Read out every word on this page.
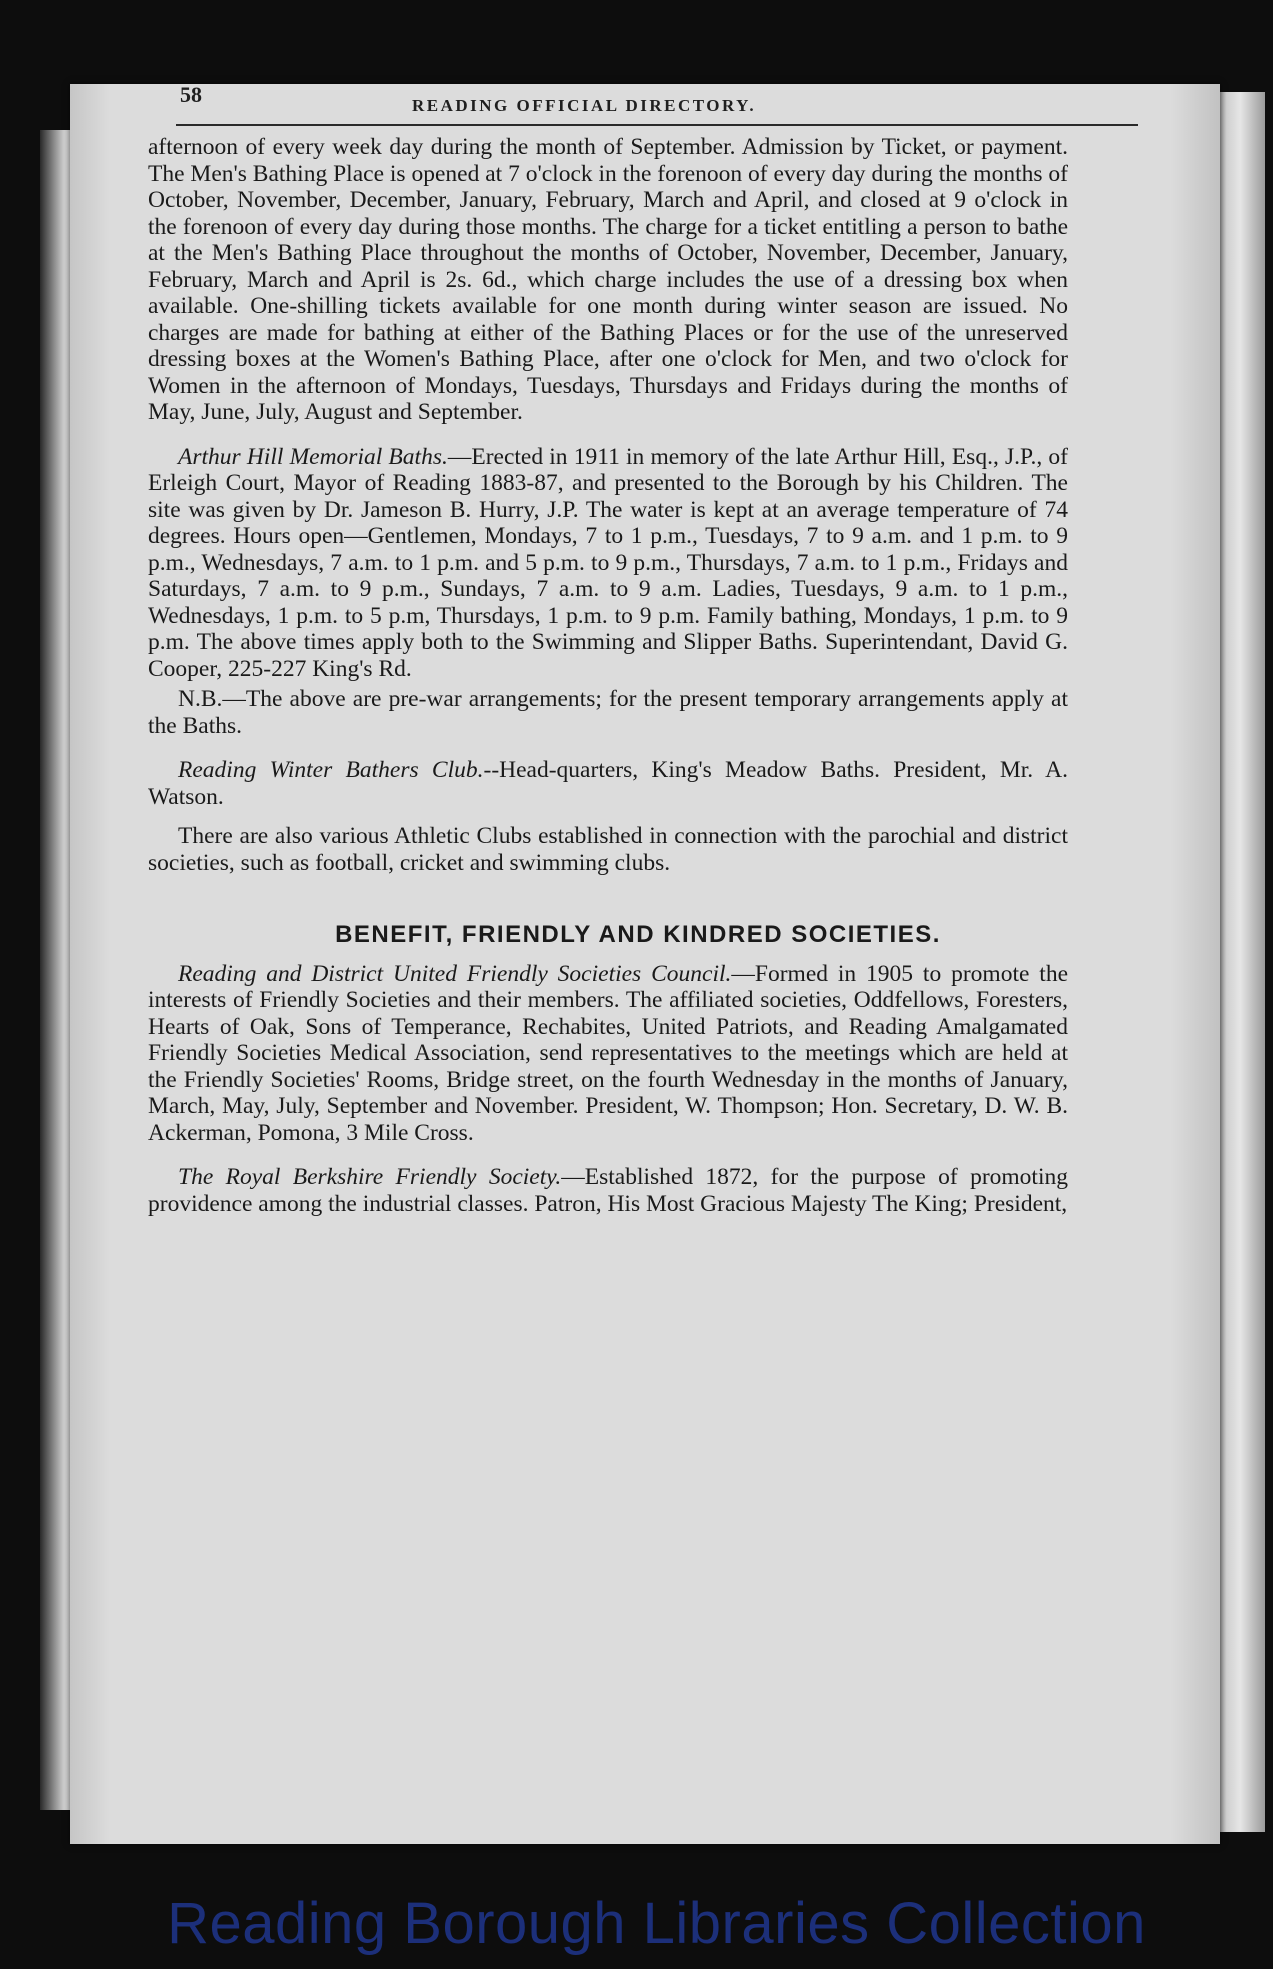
58	READING OFFICIAL DIRECTORY.

afternoon of every week day during the month of September. Admission by Ticket, or payment. The Men's Bathing Place is opened at 7 o'clock in the forenoon of every day during the months of October, November, December, January, February, March and April, and closed at 9 o'clock in the forenoon of every day during those months. The charge for a ticket entitling a person to bathe at the Men's Bathing Place throughout the months of October, November, December, January, February, March and April is 2s. 6d., which charge includes the use of a dressing box when available. One-shilling tickets available for one month during winter season are issued. No charges are made for bathing at either of the Bathing Places or for the use of the unreserved dressing boxes at the Women's Bathing Place, after one o'clock for Men, and two o'clock for Women in the afternoon of Mondays, Tuesdays, Thursdays and Fridays during the months of May, June, July, August and September.

Arthur Hill Memorial Baths.—Erected in 1911 in memory of the late Arthur Hill, Esq., J.P., of Erleigh Court, Mayor of Reading 1883-87, and presented to the Borough by his Children. The site was given by Dr. Jameson B. Hurry, J.P. The water is kept at an average temperature of 74 degrees. Hours open—Gentlemen, Mondays, 7 to 1 p.m., Tuesdays, 7 to 9 a.m. and 1 p.m. to 9 p.m., Wednesdays, 7 a.m. to 1 p.m. and 5 p.m. to 9 p.m., Thursdays, 7 a.m. to 1 p.m., Fridays and Saturdays, 7 a.m. to 9 p.m., Sundays, 7 a.m. to 9 a.m. Ladies, Tuesdays, 9 a.m. to 1 p.m., Wednesdays, 1 p.m. to 5 p.m, Thursdays, 1 p.m. to 9 p.m. Family bathing, Mondays, 1 p.m. to 9 p.m. The above times apply both to the Swimming and Slipper Baths. Superintendant, David G. Cooper, 225-227 King's Rd.

N.B.—The above are pre-war arrangements; for the present temporary arrangements apply at the Baths.

Reading Winter Bathers Club.--Head-quarters, King's Meadow Baths. President, Mr. A. Watson.

There are also various Athletic Clubs established in connection with the parochial and district societies, such as football, cricket and swimming clubs.

BENEFIT, FRIENDLY AND KINDRED SOCIETIES.

Reading and District United Friendly Societies Council.—Formed in 1905 to promote the interests of Friendly Societies and their members. The affiliated societies, Oddfellows, Foresters, Hearts of Oak, Sons of Temperance, Rechabites, United Patriots, and Reading Amalgamated Friendly Societies Medical Association, send representatives to the meetings which are held at the Friendly Societies' Rooms, Bridge street, on the fourth Wednesday in the months of January, March, May, July, September and November. President, W. Thompson; Hon. Secretary, D. W. B. Ackerman, Pomona, 3 Mile Cross.

The Royal Berkshire Friendly Society.—Established 1872, for the purpose of promoting providence among the industrial classes. Patron, His Most Gracious Majesty The King; President,

Reading Borough Libraries Collection
